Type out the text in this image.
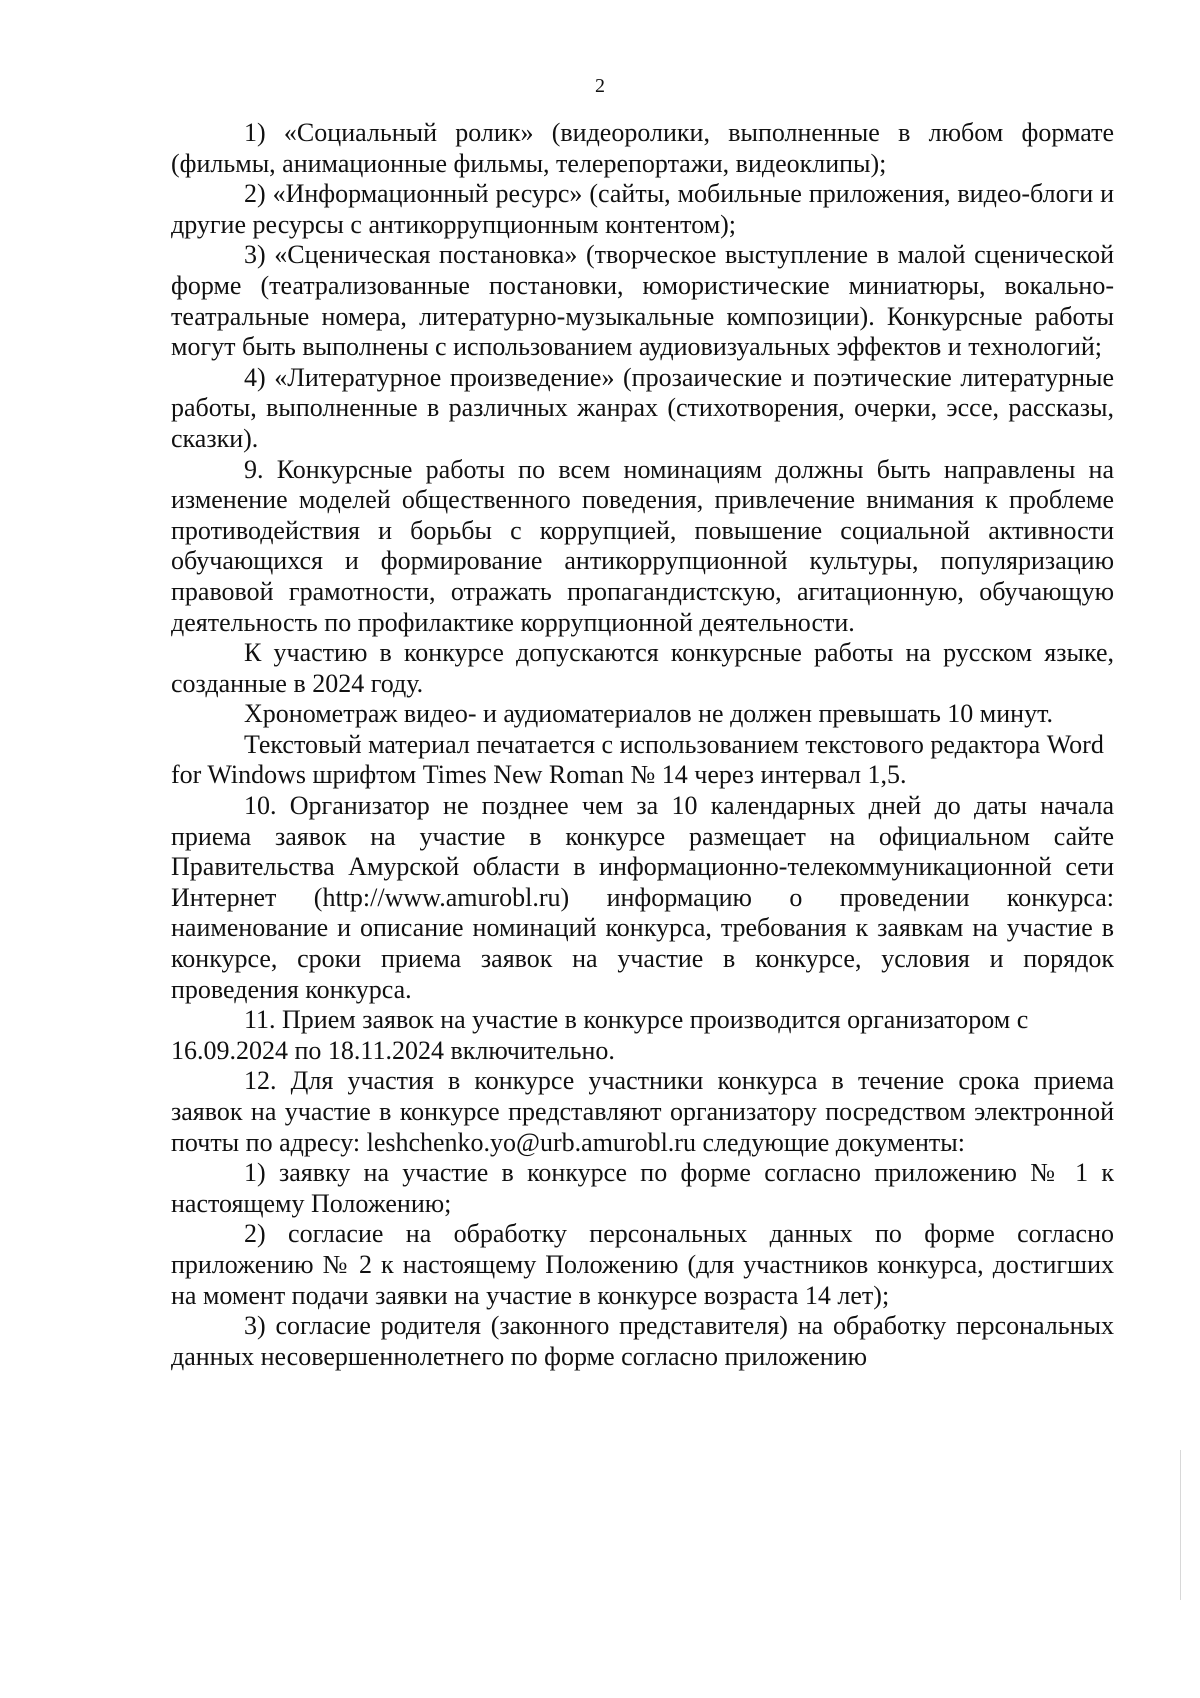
2

1) «Социальный ролик» (видеоролики, выполненные в любом формате (фильмы, анимационные фильмы, телерепортажи, видеоклипы);

2) «Информационный ресурс» (сайты, мобильные приложения, видео-блоги и другие ресурсы с антикоррупционным контентом);

3) «Сценическая постановка» (творческое выступление в малой сценической форме (театрализованные постановки, юмористические миниатюры, вокально-театральные номера, литературно-музыкальные композиции). Конкурсные работы могут быть выполнены с использованием аудиовизуальных эффектов и технологий;

4) «Литературное произведение» (прозаические и поэтические литературные работы, выполненные в различных жанрах (стихотворения, очерки, эссе, рассказы, сказки).

9. Конкурсные работы по всем номинациям должны быть направлены на изменение моделей общественного поведения, привлечение внимания к проблеме противодействия и борьбы с коррупцией, повышение социальной активности обучающихся и формирование антикоррупционной культуры, популяризацию правовой грамотности, отражать пропагандистскую, агитационную, обучающую деятельность по профилактике коррупционной деятельности.

К участию в конкурсе допускаются конкурсные работы на русском языке, созданные в 2024 году.

Хронометраж видео- и аудиоматериалов не должен превышать 10 минут.

Текстовый материал печатается с использованием текстового редактора Word for Windows шрифтом Times New Roman № 14 через интервал 1,5.

10. Организатор не позднее чем за 10 календарных дней до даты начала приема заявок на участие в конкурсе размещает на официальном сайте Правительства Амурской области в информационно-телекоммуникационной сети Интернет (http://www.amurobl.ru) информацию о проведении конкурса: наименование и описание номинаций конкурса, требования к заявкам на участие в конкурсе, сроки приема заявок на участие в конкурсе, условия и порядок проведения конкурса.

11. Прием заявок на участие в конкурсе производится организатором с 16.09.2024 по 18.11.2024 включительно.

12. Для участия в конкурсе участники конкурса в течение срока приема заявок на участие в конкурсе представляют организатору посредством электронной почты по адресу: leshchenko.yo@urb.amurobl.ru следующие документы:

1) заявку на участие в конкурсе по форме согласно приложению № 1 к настоящему Положению;

2) согласие на обработку персональных данных по форме согласно приложению № 2 к настоящему Положению (для участников конкурса, достигших на момент подачи заявки на участие в конкурсе возраста 14 лет);

3) согласие родителя (законного представителя) на обработку персональных данных несовершеннолетнего по форме согласно приложению
